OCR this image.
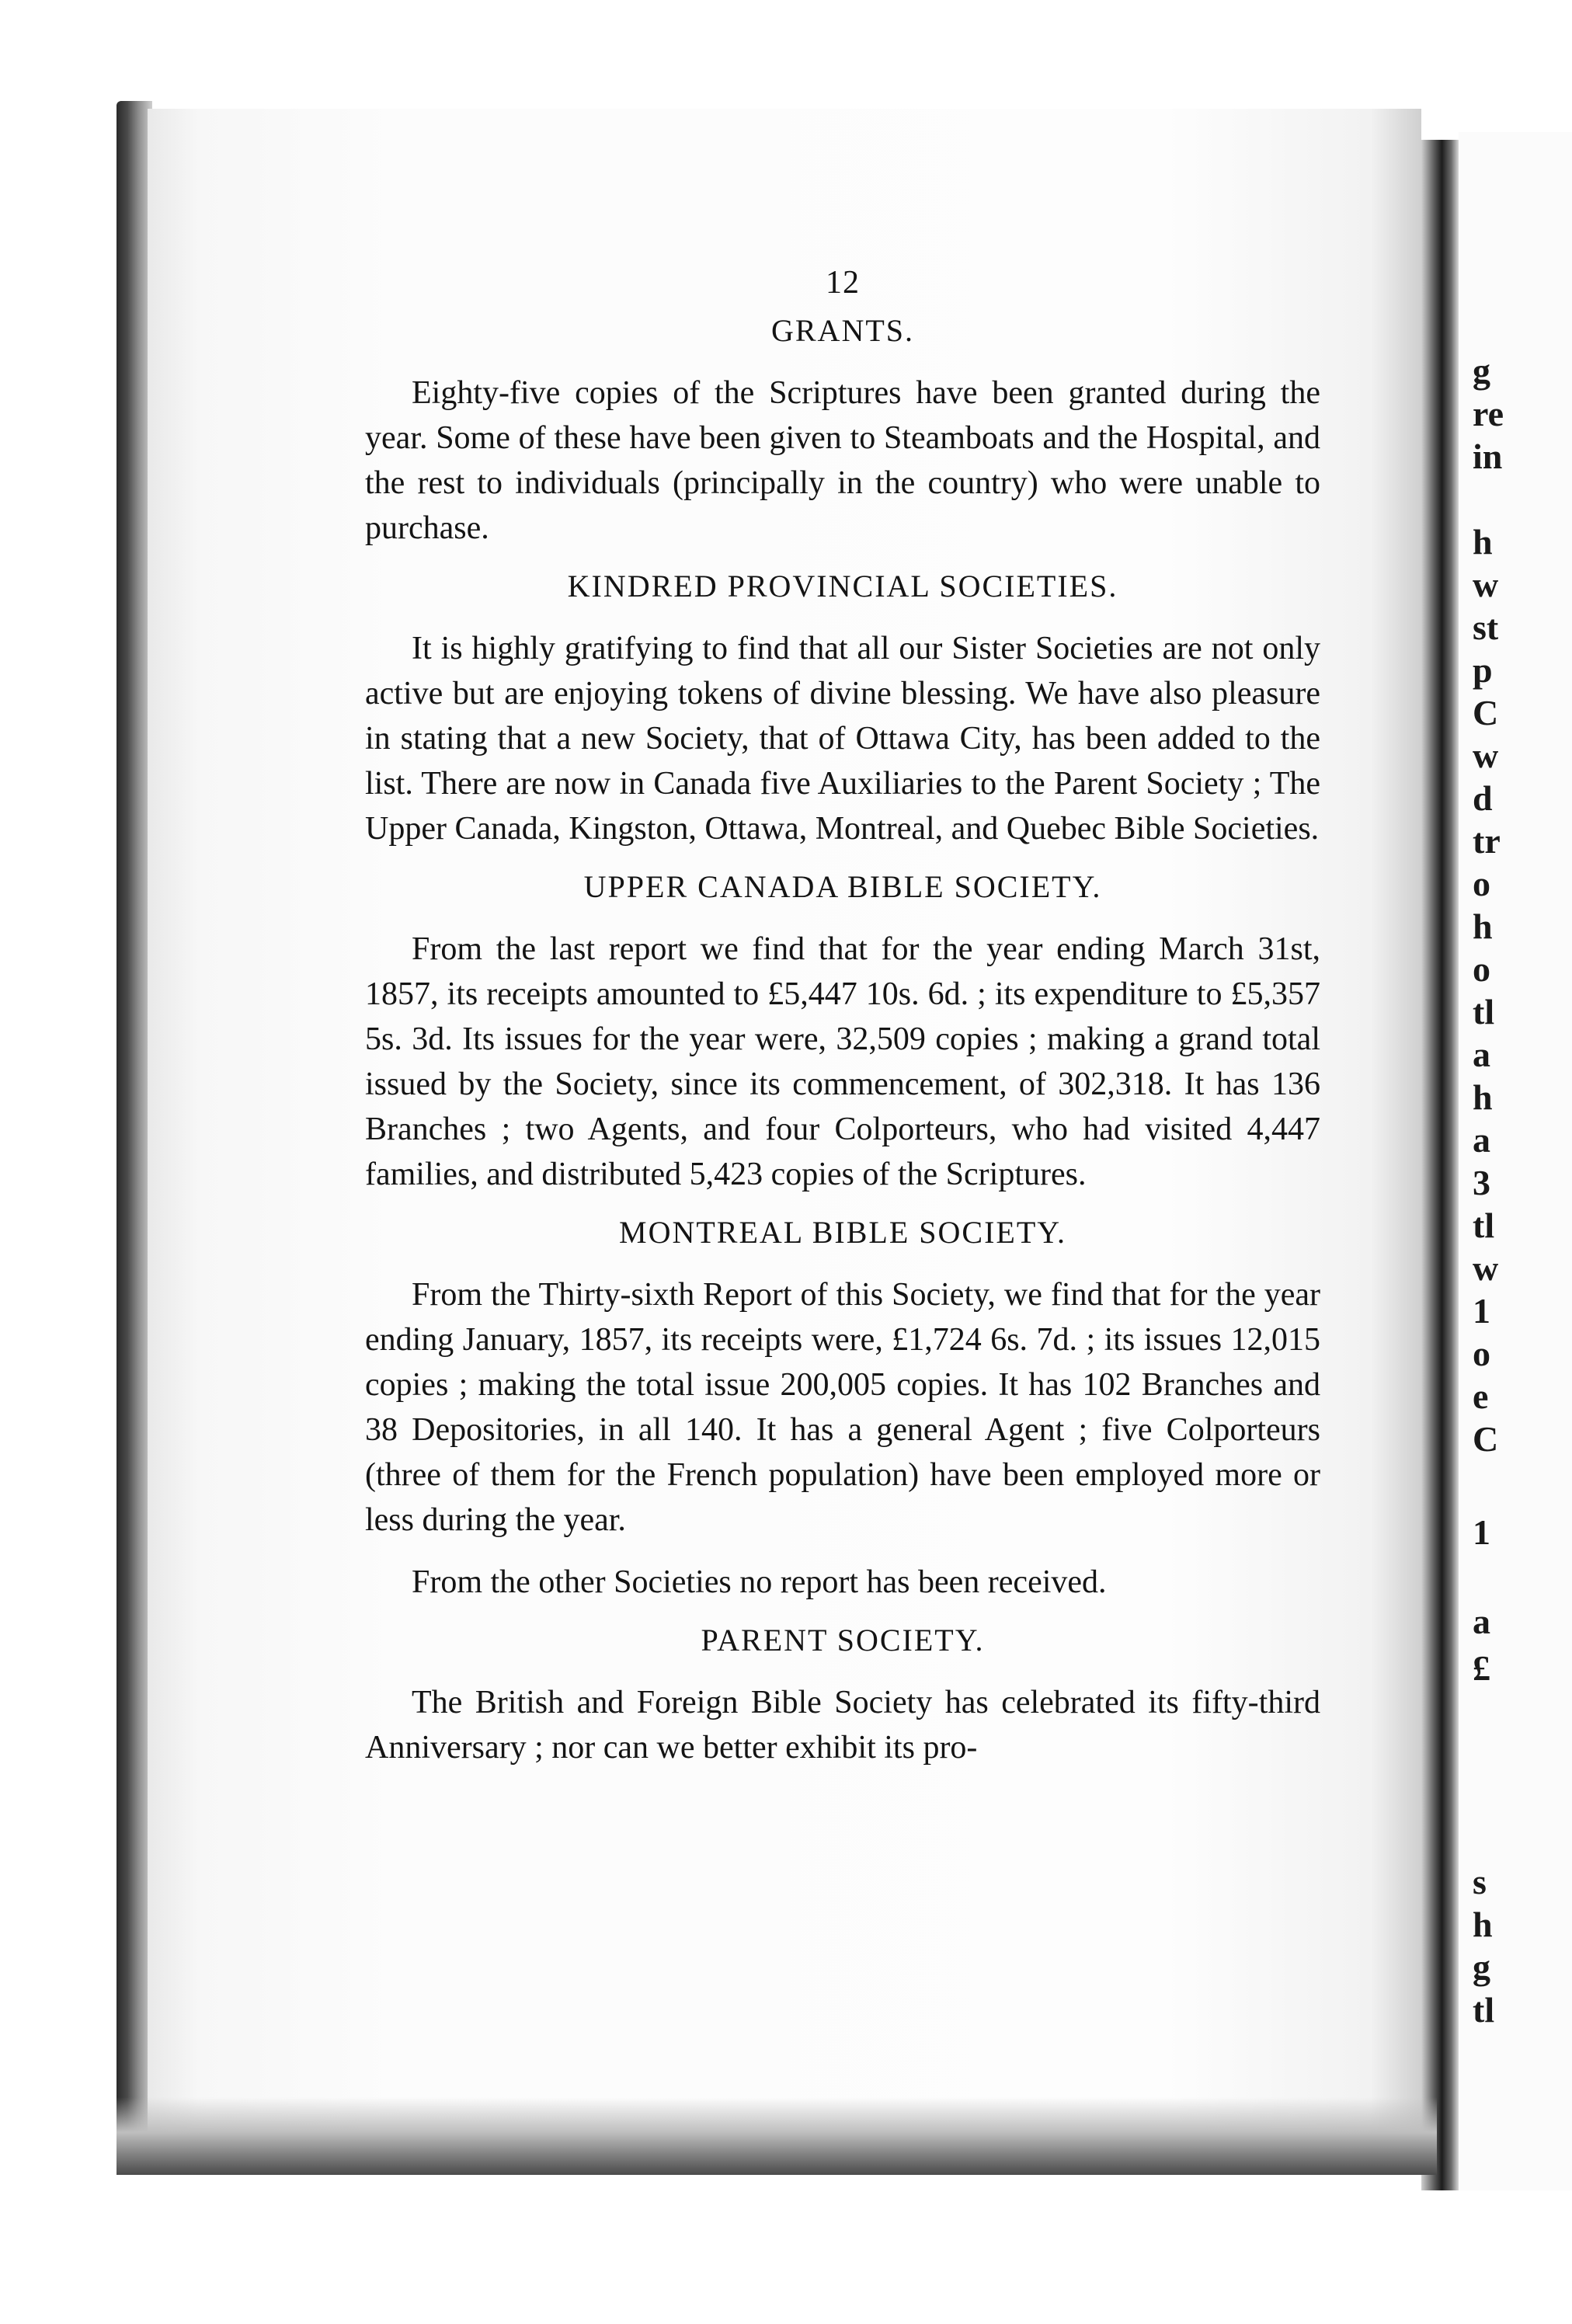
g
re
in
h
w
st
p
C
w
d
tr
o
h
o
tl
a
h
a
3
tl
w
1
o
e
C
1
a
£
s
h
g
tl
12
GRANTS.

Eighty-five copies of the Scriptures have been granted during the year. Some of these have been given to Steamboats and the Hospital, and the rest to individuals (principally in the country) who were unable to purchase.

KINDRED PROVINCIAL SOCIETIES.

It is highly gratifying to find that all our Sister Societies are not only active but are enjoying tokens of divine blessing. We have also pleasure in stating that a new Society, that of Ottawa City, has been added to the list. There are now in Canada five Auxiliaries to the Parent Society ; The Upper Canada, Kingston, Ottawa, Montreal, and Quebec Bible Societies.

UPPER CANADA BIBLE SOCIETY.

From the last report we find that for the year ending March 31st, 1857, its receipts amounted to £5,447 10s. 6d. ; its expenditure to £5,357 5s. 3d. Its issues for the year were, 32,509 copies ; making a grand total issued by the Society, since its commencement, of 302,318. It has 136 Branches ; two Agents, and four Colporteurs, who had visited 4,447 families, and distributed 5,423 copies of the Scriptures.

MONTREAL BIBLE SOCIETY.

From the Thirty-sixth Report of this Society, we find that for the year ending January, 1857, its receipts were, £1,724 6s. 7d. ; its issues 12,015 copies ; making the total issue 200,005 copies. It has 102 Branches and 38 Depositories, in all 140. It has a general Agent ; five Colporteurs (three of them for the French population) have been employed more or less during the year.

From the other Societies no report has been received.

PARENT SOCIETY.

The British and Foreign Bible Society has celebrated its fifty-third Anniversary ; nor can we better exhibit its pro-
